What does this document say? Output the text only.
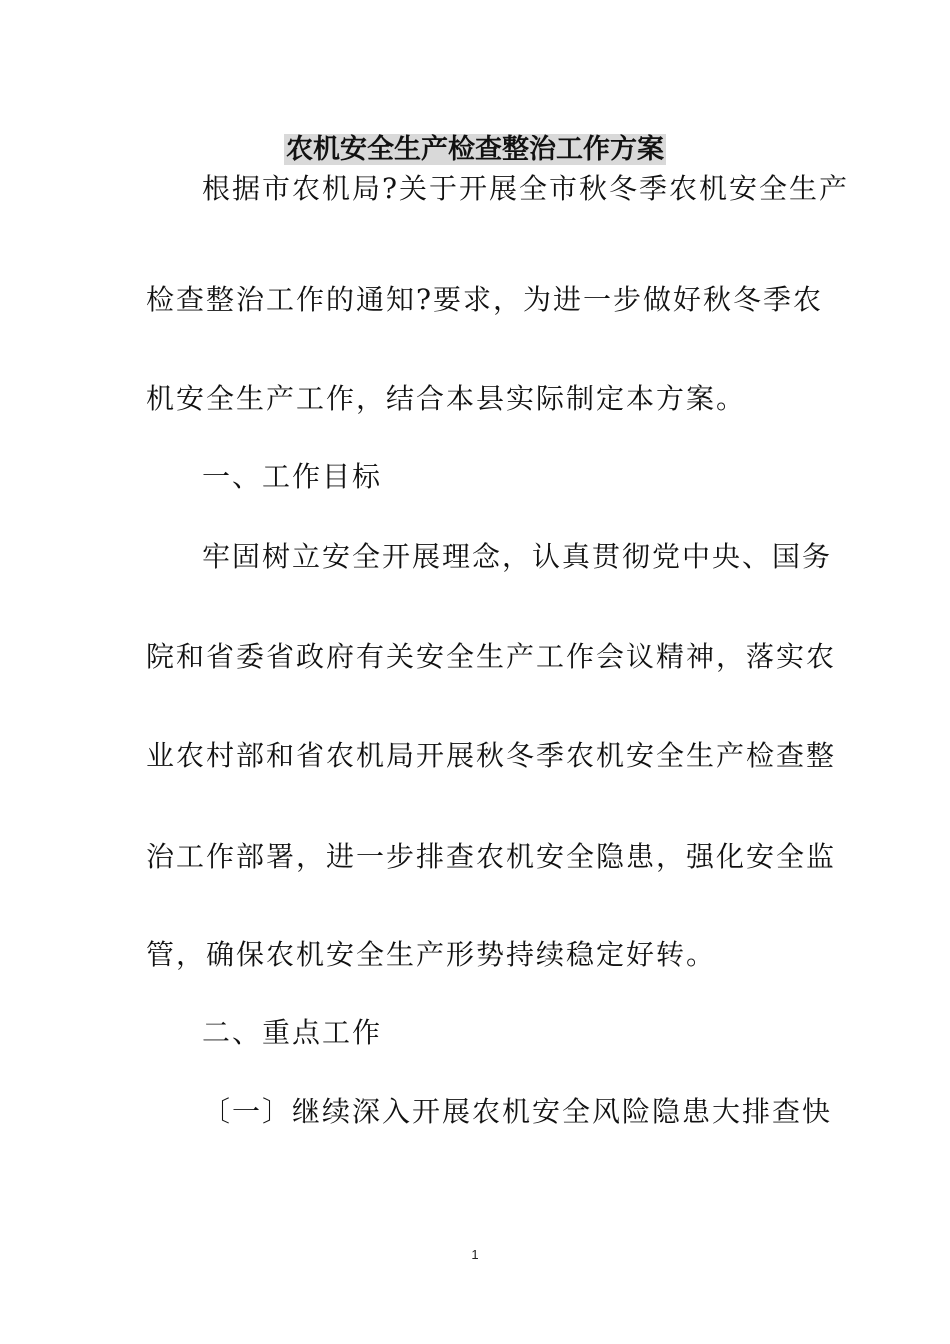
农机安全生产检查整治工作方案
根据市农机局?关于开展全市秋冬季农机安全生产
检查整治工作的通知?要求，为进一步做好秋冬季农
机安全生产工作，结合本县实际制定本方案。
一、工作目标
牢固树立安全开展理念，认真贯彻党中央、国务
院和省委省政府有关安全生产工作会议精神，落实农
业农村部和省农机局开展秋冬季农机安全生产检查整
治工作部署，进一步排查农机安全隐患，强化安全监
管，确保农机安全生产形势持续稳定好转。
二、重点工作
〔一〕继续深入开展农机安全风险隐患大排查快
1
